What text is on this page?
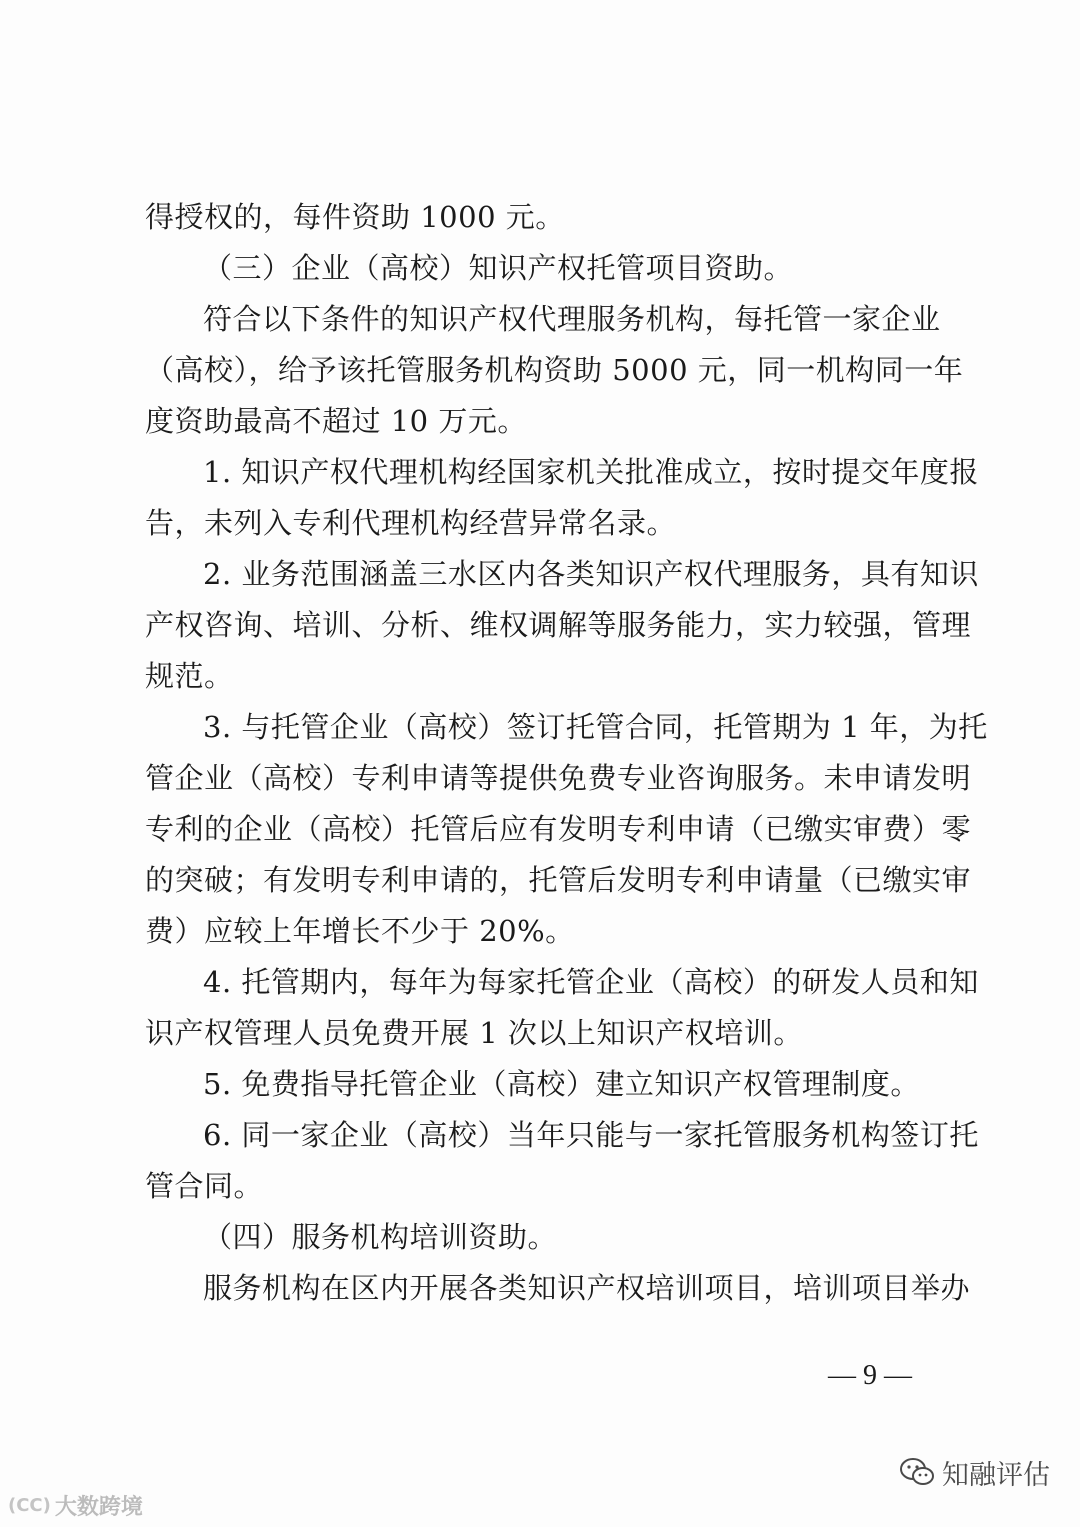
得授权的，每件资助 1000 元。
（三）企业（高校）知识产权托管项目资助。
符合以下条件的知识产权代理服务机构，每托管一家企业
（高校），给予该托管服务机构资助 5000 元，同一机构同一年
度资助最高不超过 10 万元。
1. 知识产权代理机构经国家机关批准成立，按时提交年度报
告，未列入专利代理机构经营异常名录。
2. 业务范围涵盖三水区内各类知识产权代理服务，具有知识
产权咨询、培训、分析、维权调解等服务能力，实力较强，管理
规范。
3. 与托管企业（高校）签订托管合同，托管期为 1 年，为托
管企业（高校）专利申请等提供免费专业咨询服务。未申请发明
专利的企业（高校）托管后应有发明专利申请（已缴实审费）零
的突破；有发明专利申请的，托管后发明专利申请量（已缴实审
费）应较上年增长不少于 20%。
4. 托管期内，每年为每家托管企业（高校）的研发人员和知
识产权管理人员免费开展 1 次以上知识产权培训。
5. 免费指导托管企业（高校）建立知识产权管理制度。
6. 同一家企业（高校）当年只能与一家托管服务机构签订托
管合同。
（四）服务机构培训资助。
服务机构在区内开展各类知识产权培训项目，培训项目举办
— 9 —
(CC) 大数跨境
知融评估
